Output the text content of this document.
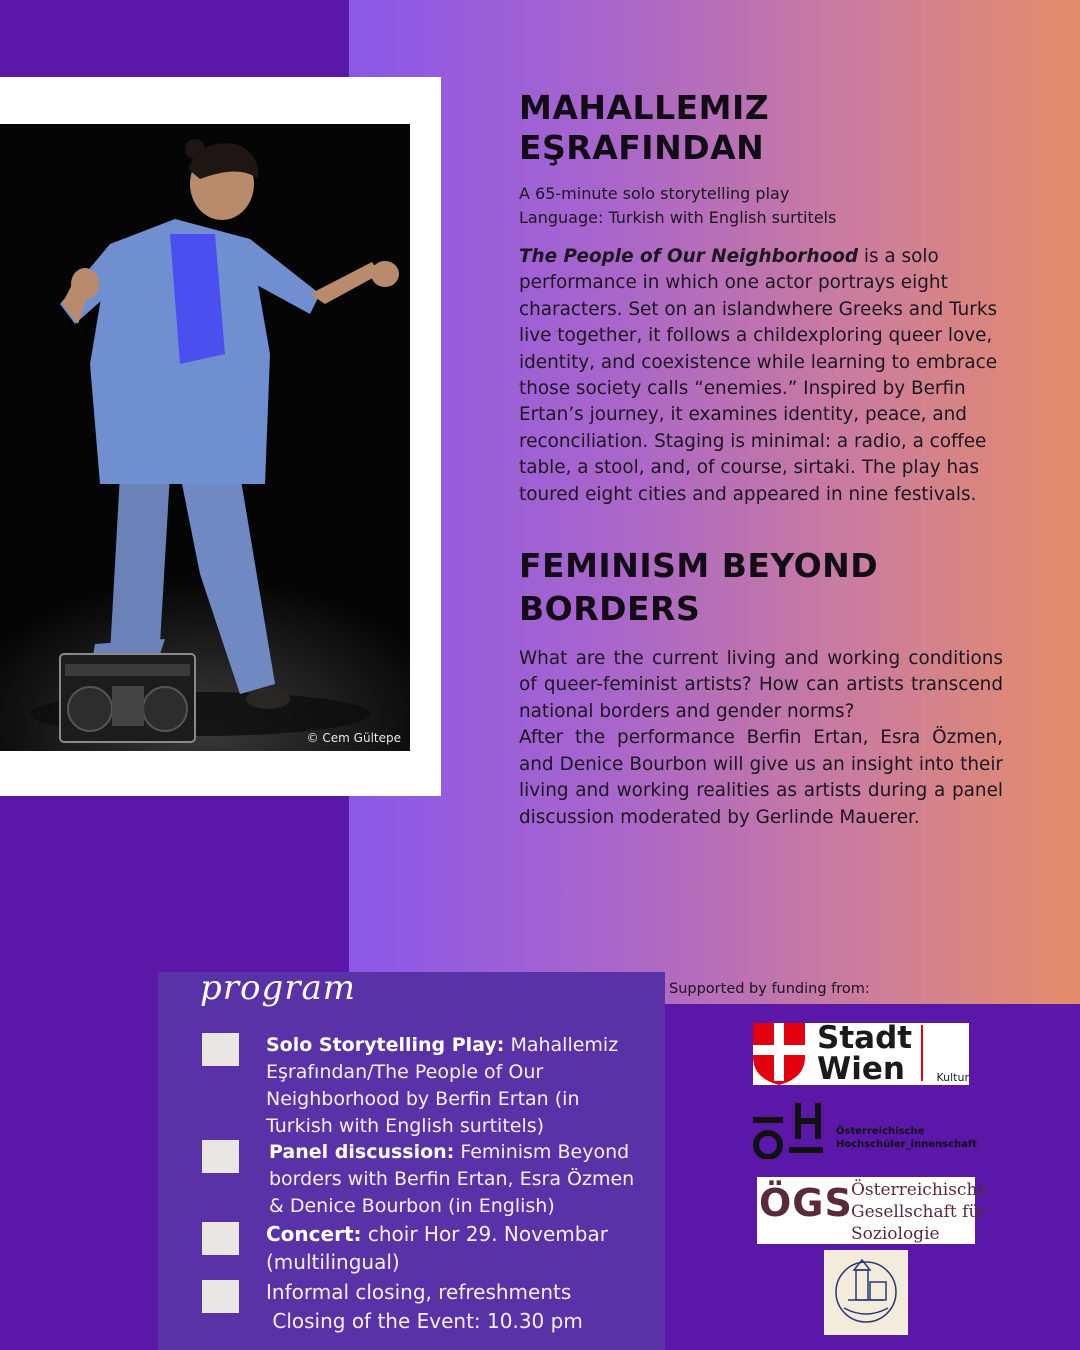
© Cem Gültepe
MAHALLEMIZ EŞRAFINDAN
A 65-minute solo storytelling play
Language: Turkish with English surtitels
The People of Our Neighborhood is a solo performance in which one actor portrays eight characters. Set on an islandwhere Greeks and Turks live together, it follows a childexploring queer love, identity, and coexistence while learning to embrace those society calls “enemies.” Inspired by Berfin Ertan’s journey, it examines identity, peace, and reconciliation. Staging is minimal: a radio, a coffee table, a stool, and, of course, sirtaki. The play has toured eight cities and appeared in nine festivals.
FEMINISM BEYOND BORDERS
What are the current living and working conditions of queer-feminist artists? How can artists transcend national borders and gender norms?
After the performance Berfin Ertan, Esra Özmen, and Denice Bourbon will give us an insight into their living and working realities as artists during a panel discussion moderated by Gerlinde Mauerer.
program
Solo Storytelling Play: Mahallemiz Eşrafından/The People of Our Neighborhood by Berfin Ertan (in Turkish with English surtitels)
Panel discussion: Feminism Beyond borders with Berfin Ertan, Esra Özmen & Denice Bourbon (in English)
Concert: choir Hor 29. Novembar (multilingual)
Informal closing, refreshments
Closing of the Event: 10.30 pm
Supported by funding from:
Stadt
Wien	Kultur
Österreichische
Hochschüler_innenschaft
ÖGS
Österreichische
Gesellschaft für
Soziologie
